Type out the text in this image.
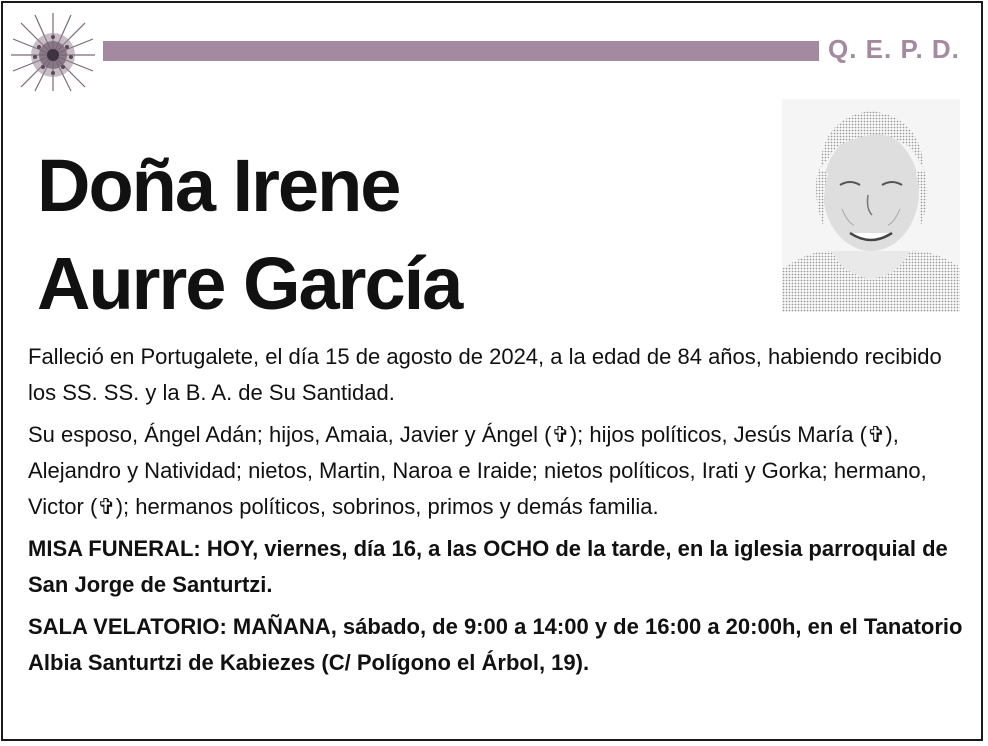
Q. E. P. D.
Doña Irene
Aurre García

Falleció en Portugalete, el día 15 de agosto de 2024, a la edad de 84 años, habiendo recibido los SS. SS. y la B. A. de Su Santidad.

Su esposo, Ángel Adán; hijos, Amaia, Javier y Ángel (✞); hijos políticos, Jesús María (✞), Alejandro y Natividad; nietos, Martin, Naroa e Iraide; nietos políticos, Irati y Gorka; hermano, Victor (✞); hermanos políticos, sobrinos, primos y demás familia.

MISA FUNERAL: HOY, viernes, día 16, a las OCHO de la tarde, en la iglesia parroquial de San Jorge de Santurtzi.

SALA VELATORIO: MAÑANA, sábado, de 9:00 a 14:00 y de 16:00 a 20:00h, en el Tanatorio Albia Santurtzi de Kabiezes (C/ Polígono el Árbol, 19).
